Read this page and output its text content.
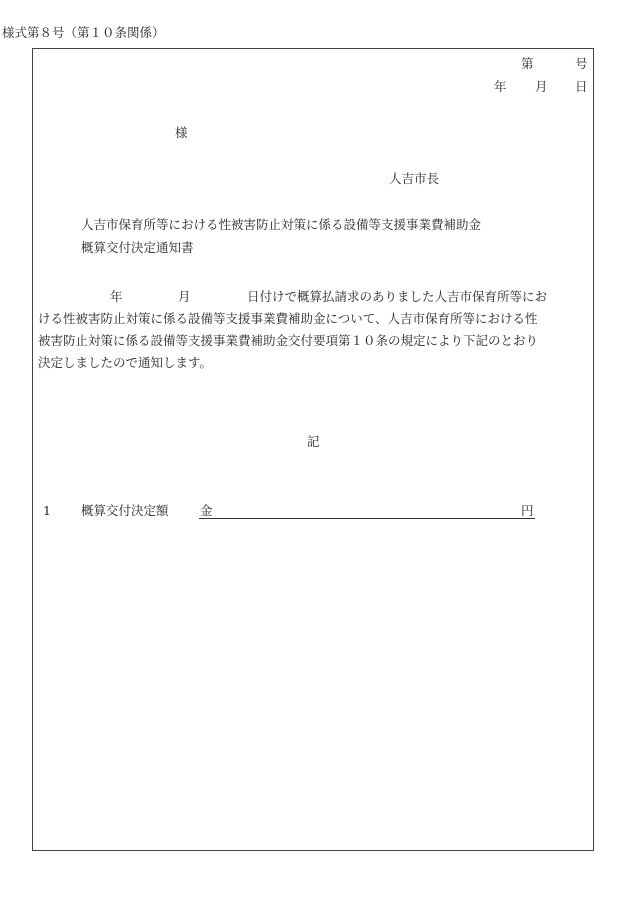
様式第８号（第１０条関係）
第	号
年 月 日
様
人吉市長
人吉市保育所等における性被害防止対策に係る設備等支援事業費補助金
概算交付決定通知書
年	月	日付けで概算払請求のありました人吉市保育所等にお
ける性被害防止対策に係る設備等支援事業費補助金について、人吉市保育所等における性
被害防止対策に係る設備等支援事業費補助金交付要項第１０条の規定により下記のとおり
決定しましたので通知します。
記
1 概算交付決定額	金	円
